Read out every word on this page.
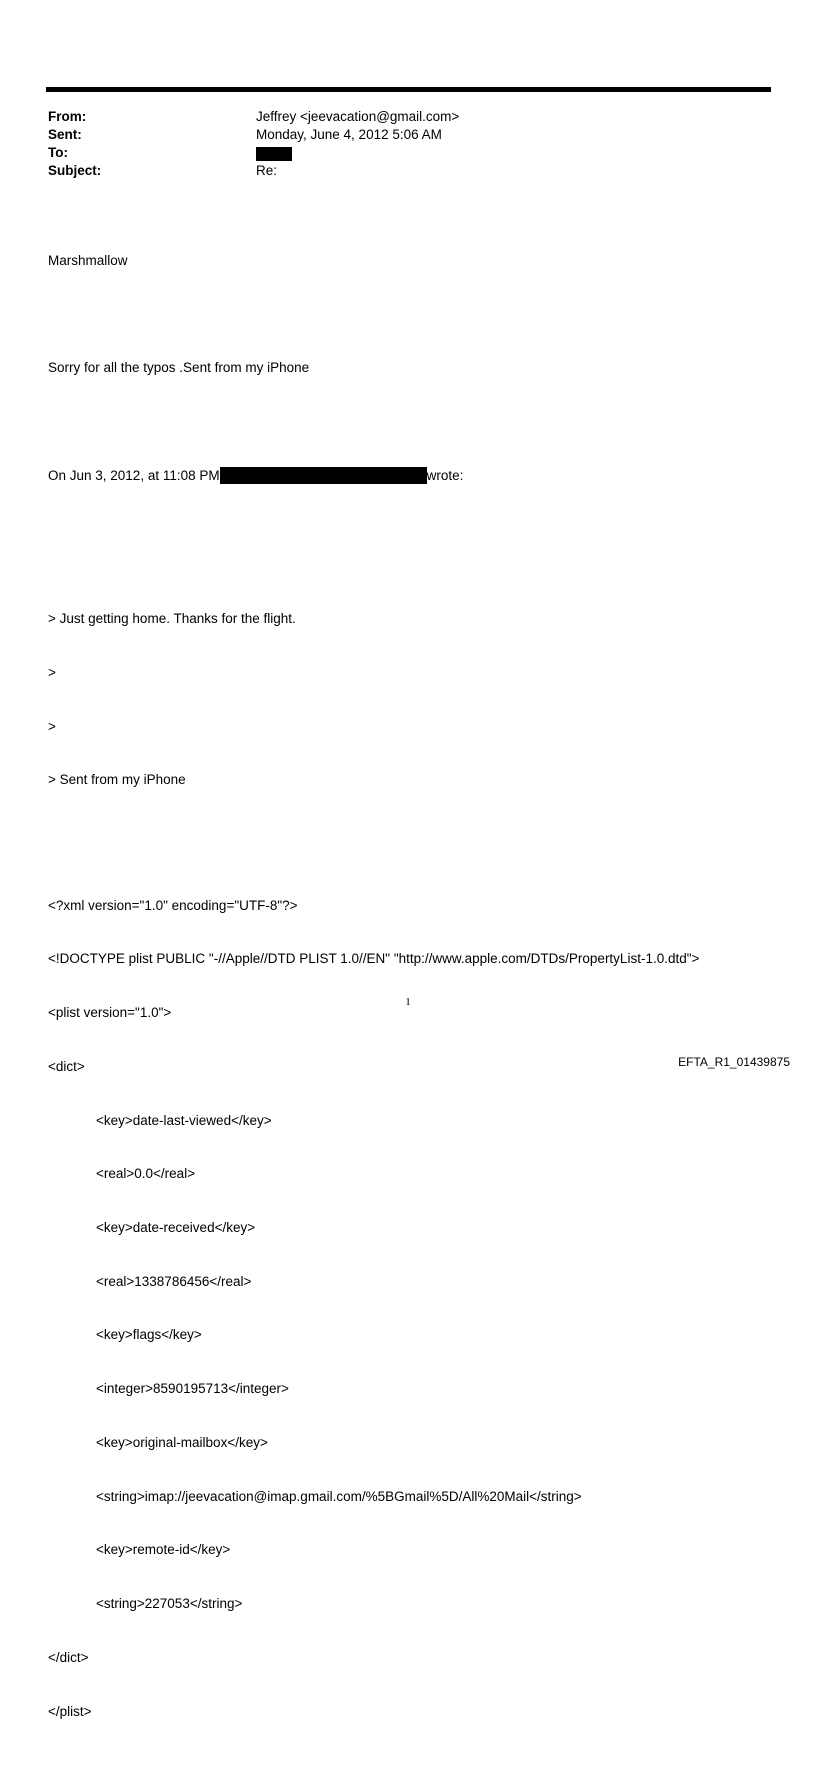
From:	Jeffrey <jeevacation@gmail.com>
Sent:	Monday, June 4, 2012 5:06 AM
To:
Subject:	Re:

Marshmallow

Sorry for all the typos .Sent from my iPhone

On Jun 3, 2012, at 11:08 PM	wrote:

> Just getting home. Thanks for the flight.

>

>

> Sent from my iPhone

<?xml version="1.0" encoding="UTF-8"?>

<!DOCTYPE plist PUBLIC "-//Apple//DTD PLIST 1.0//EN" "http://www.apple.com/DTDs/PropertyList-1.0.dtd">

<plist version="1.0">

<dict>

<key>date-last-viewed</key>

<real>0.0</real>

<key>date-received</key>

<real>1338786456</real>

<key>flags</key>

<integer>8590195713</integer>

<key>original-mailbox</key>

<string>imap://jeevacation@imap.gmail.com/%5BGmail%5D/All%20Mail</string>

<key>remote-id</key>

<string>227053</string>

</dict>

</plist>

1
EFTA_R1_01439875
